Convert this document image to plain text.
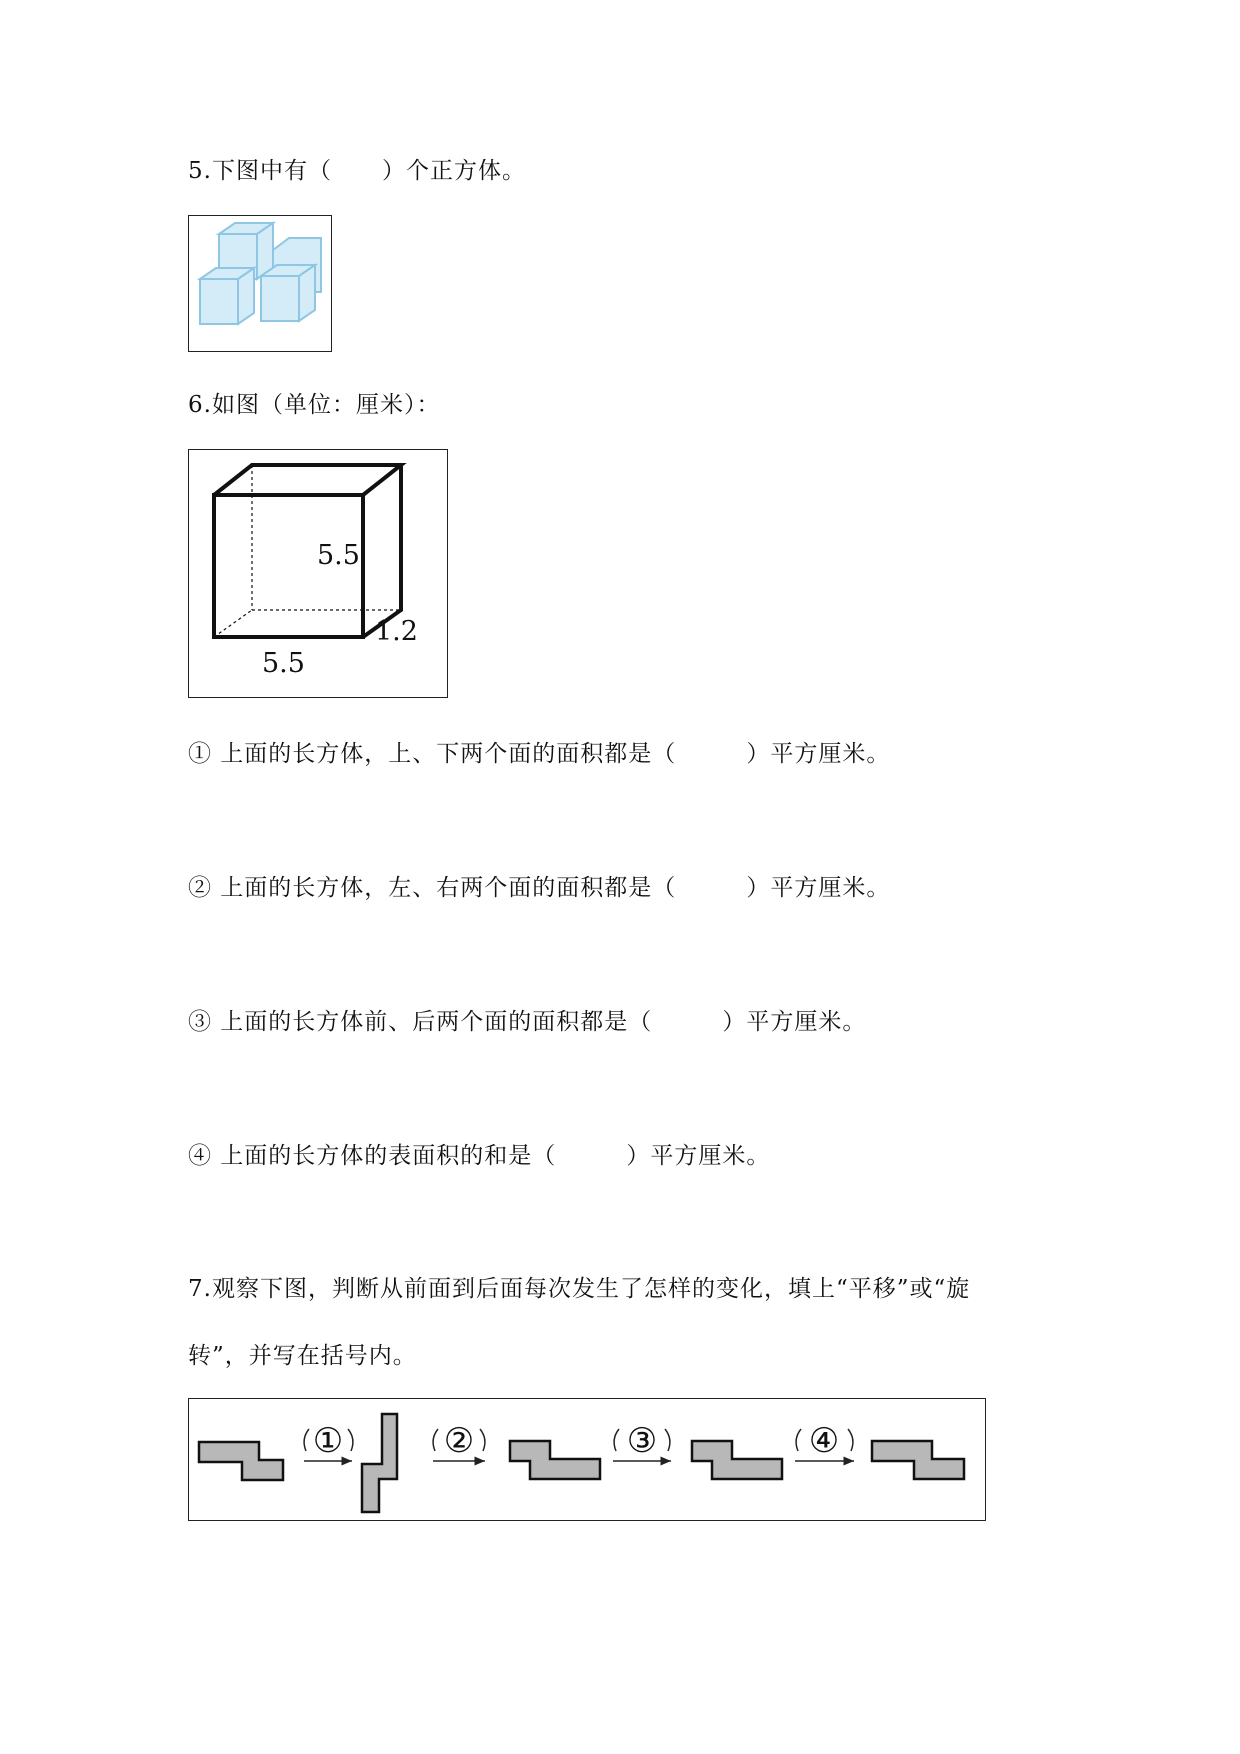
5.下图中有（ ）个正方体。
6.如图（单位：厘米）：
5.5
5.5
1.2
① 上面的长方体，上、下两个面的面积都是（	）平方厘米。
② 上面的长方体，左、右两个面的面积都是（	）平方厘米。
③ 上面的长方体前、后两个面的面积都是（	）平方厘米。
④ 上面的长方体的表面积的和是（	）平方厘米。
7.观察下图，判断从前面到后面每次发生了怎样的变化，填上“平移”或“旋
转”，并写在括号内。
①	②	③	④
